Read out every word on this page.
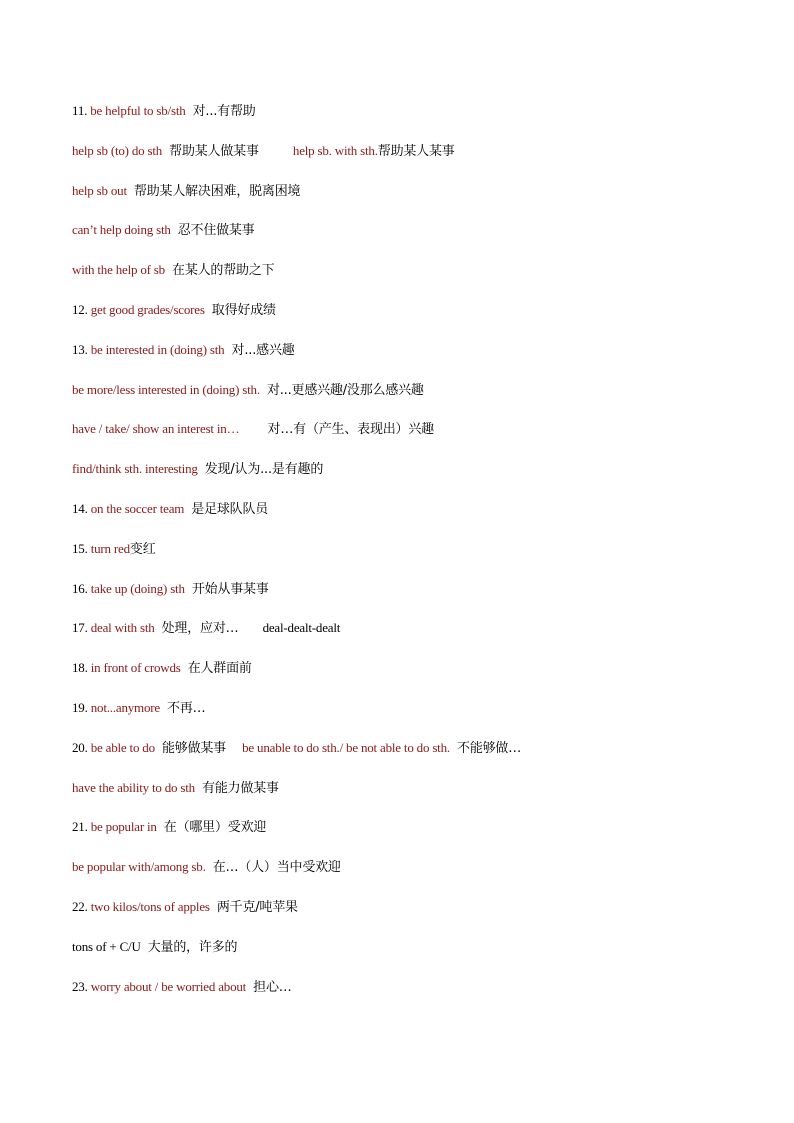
11. be helpful to sb/sth 对...有帮助
help sb (to) do sth 帮助某人做某事	help sb. with sth.帮助某人某事
help sb out 帮助某人解决困难，脱离困境
can’t help doing sth 忍不住做某事
with the help of sb 在某人的帮助之下
12. get good grades/scores 取得好成绩
13. be interested in (doing) sth 对...感兴趣
be more/less interested in (doing) sth. 对...更感兴趣/没那么感兴趣
have / take/ show an interest in… 对…有（产生、表现出）兴趣
find/think sth. interesting 发现/认为...是有趣的
14. on the soccer team 是足球队队员
15. turn red变红
16. take up (doing) sth 开始从事某事
17. deal with sth 处理，应对… deal-dealt-dealt
18. in front of crowds 在人群面前
19. not...anymore 不再…
20. be able to do 能够做某事 be unable to do sth./ be not able to do sth. 不能够做…
have the ability to do sth 有能力做某事
21. be popular in 在（哪里）受欢迎
be popular with/among sb. 在…（人）当中受欢迎
22. two kilos/tons of apples 两千克/吨苹果
tons of + C/U 大量的，许多的
23. worry about / be worried about 担心…
